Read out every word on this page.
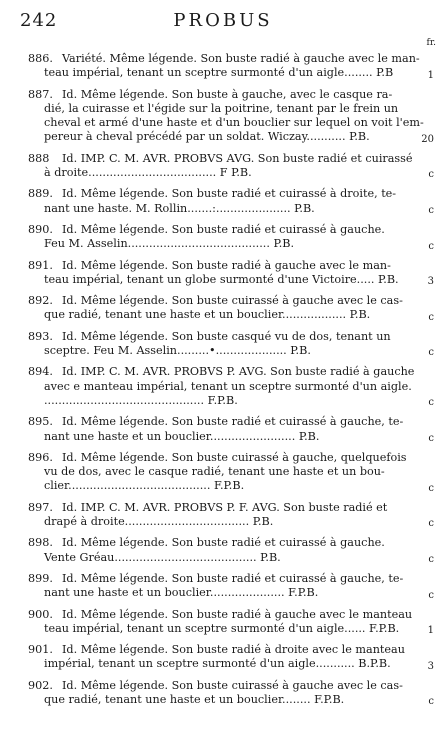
242	PROBUS
fr.
886. Variété. Même légende. Son buste radié à gauche avec le man-
teau impérial, tenant un sceptre surmonté d'un aigle........ P.B	1
887. Id. Même légende. Son buste à gauche, avec le casque ra-
dié, la cuirasse et l'égide sur la poitrine, tenant par le frein un
cheval et armé d'une haste et d'un bouclier sur lequel on voit l'em-
pereur à cheval précédé par un soldat. Wiczay........... P.B.	20
888	Id. IMP. C. M. AVR. PROBVS AVG. Son buste radié et cuirassé
à droite.................................... F P.B.	c
889. Id. Même légende. Son buste radié et cuirassé à droite, te-
nant une haste. M. Rollin.......:..................... P.B.	c
890. Id. Même légende. Son buste radié et cuirassé à gauche.
Feu M. Asselin........................................ P.B.	c
891. Id. Même légende. Son buste radié à gauche avec le man-
teau impérial, tenant un globe surmonté d'une Victoire..... P.B.	3
892. Id. Même légende. Son buste cuirassé à gauche avec le cas-
que radié, tenant une haste et un bouclier.................. P.B.	c
893. Id. Même légende. Son buste casqué vu de dos, tenant un
sceptre. Feu M. Asselin.........•.................... P.B.	c
894. Id. IMP. C. M. AVR. PROBVS P. AVG. Son buste radié à gauche
avec e manteau impérial, tenant un sceptre surmonté d'un aigle.
............................................. F.P.B.	c
895. Id. Même légende. Son buste radié et cuirassé à gauche, te-
nant une haste et un bouclier........................ P.B.	c
896. Id. Même légende. Son buste cuirassé à gauche, quelquefois
vu de dos, avec le casque radié, tenant une haste et un bou-
clier........................................ F.P.B.	c
897. Id. IMP. C. M. AVR. PROBVS P. F. AVG. Son buste radié et
drapé à droite................................... P.B.	c
898. Id. Même légende. Son buste radié et cuirassé à gauche.
Vente Gréau........................................ P.B.	c
899. Id. Même légende. Son buste radié et cuirassé à gauche, te-
nant une haste et un bouclier..................... F.P.B.	c
900. Id. Même légende. Son buste radié à gauche avec le manteau
teau impérial, tenant un sceptre surmonté d'un aigle...... F.P.B.	1
901. Id. Même légende. Son buste radié à droite avec le manteau
impérial, tenant un sceptre surmonté d'un aigle........... B.P.B.	3
902. Id. Même légende. Son buste cuirassé à gauche avec le cas-
que radié, tenant une haste et un bouclier........ F.P.B.	c
